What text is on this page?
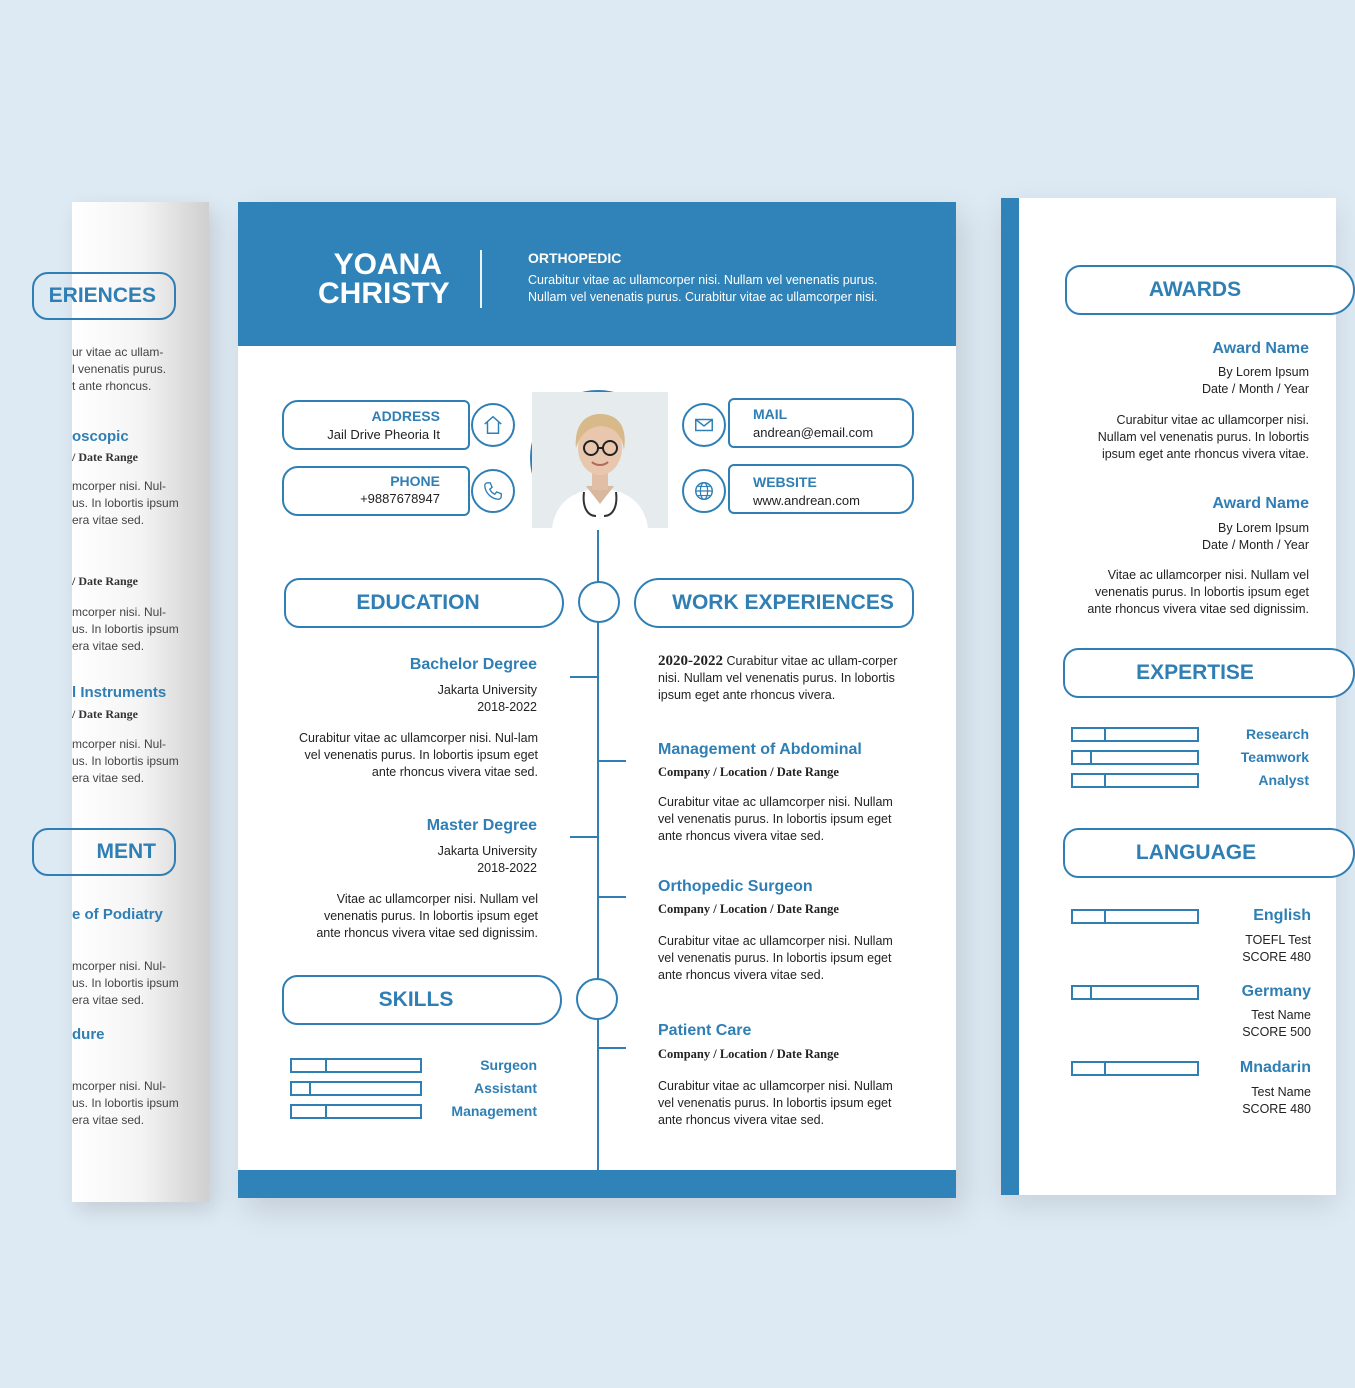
ERIENCES
ur vitae ac ullam-
l venenatis purus.
t ante rhoncus.
oscopic
/ Date Range
mcorper nisi. Nul-
us. In lobortis ipsum
era vitae sed.
/ Date Range
mcorper nisi. Nul-
us. In lobortis ipsum
era vitae sed.
l Instruments
/ Date Range
mcorper nisi. Nul-
us. In lobortis ipsum
era vitae sed.
MENT
e of Podiatry
mcorper nisi. Nul-
us. In lobortis ipsum
era vitae sed.
dure
mcorper nisi. Nul-
us. In lobortis ipsum
era vitae sed.
YOANA
CHRISTY
ORTHOPEDIC
Curabitur vitae ac ullamcorper nisi. Nullam vel venenatis purus. Nullam vel venenatis purus. Curabitur vitae ac ullamcorper nisi.
ADDRESS
Jail Drive Pheoria It
PHONE
+9887678947
MAIL
andrean@email.com
WEBSITE
www.andrean.com
EDUCATION	WORK EXPERIENCES
Bachelor Degree
Jakarta University
2018-2022
Curabitur vitae ac ullamcorper nisi. Nul-lam vel venenatis purus. In lobortis ipsum eget ante rhoncus vivera vitae sed.
Master Degree
Jakarta University
2018-2022
Vitae ac ullamcorper nisi. Nullam vel venenatis purus. In lobortis ipsum eget ante rhoncus vivera vitae sed dignissim.
SKILLS
Surgeon
Assistant
Management
2020-2022 Curabitur vitae ac ullam-corper nisi. Nullam vel venenatis purus. In lobortis ipsum eget ante rhoncus vivera.
Management of Abdominal
Company / Location / Date Range
Curabitur vitae ac ullamcorper nisi. Nullam vel venenatis purus. In lobortis ipsum eget ante rhoncus vivera vitae sed.
Orthopedic Surgeon
Company / Location / Date Range
Curabitur vitae ac ullamcorper nisi. Nullam vel venenatis purus. In lobortis ipsum eget ante rhoncus vivera vitae sed.
Patient Care
Company / Location / Date Range
Curabitur vitae ac ullamcorper nisi. Nullam vel venenatis purus. In lobortis ipsum eget ante rhoncus vivera vitae sed.
AWARDS
Award Name
By Lorem Ipsum
Date / Month / Year
Curabitur vitae ac ullamcorper nisi. Nullam vel venenatis purus. In lobortis ipsum eget ante rhoncus vivera vitae.
Award Name
By Lorem Ipsum
Date / Month / Year
Vitae ac ullamcorper nisi. Nullam vel venenatis purus. In lobortis ipsum eget ante rhoncus vivera vitae sed dignissim.
EXPERTISE
Research
Teamwork
Analyst
LANGUAGE
English
TOEFL Test
SCORE 480
Germany
Test Name
SCORE 500
Mnadarin
Test Name
SCORE 480
